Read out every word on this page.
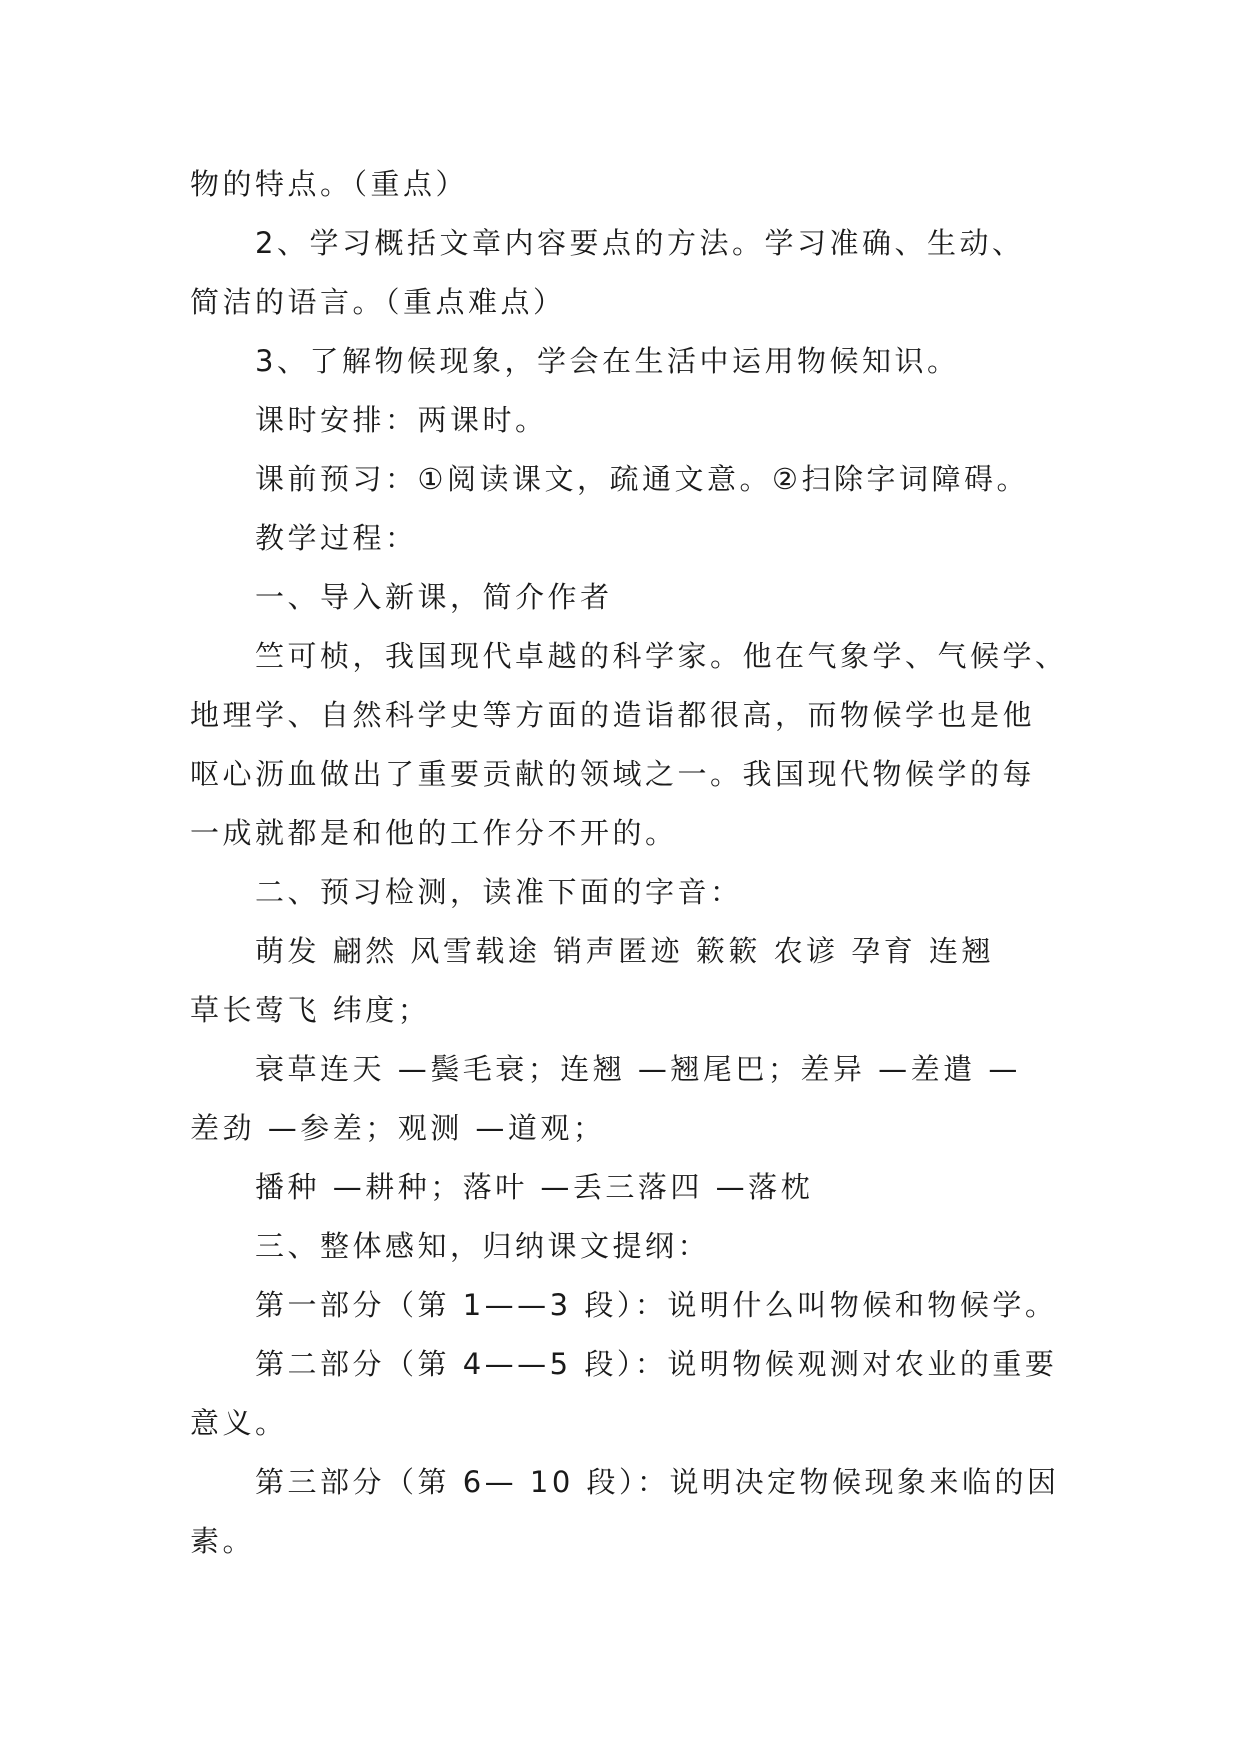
物的特点。（重点）
2、学习概括文章内容要点的方法。学习准确、生动、
简洁的语言。（重点难点）
3、了解物候现象，学会在生活中运用物候知识。
课时安排：两课时。
课前预习：①阅读课文，疏通文意。②扫除字词障碍。
教学过程：
一、导入新课，简介作者
竺可桢，我国现代卓越的科学家。他在气象学、气候学、
地理学、自然科学史等方面的造诣都很高，而物候学也是他
呕心沥血做出了重要贡献的领域之一。我国现代物候学的每
一成就都是和他的工作分不开的。
二、预习检测，读准下面的字音：
萌发 翩然 风雪载途 销声匿迹 簌簌 农谚 孕育 连翘
草长莺飞 纬度；
衰草连天 —鬓毛衰；连翘 —翘尾巴；差异 —差遣 —
差劲 —参差；观测 —道观；
播种 —耕种；落叶 —丢三落四 —落枕
三、整体感知，归纳课文提纲：
第一部分（第 1——3 段）：说明什么叫物候和物候学。
第二部分（第 4——5 段）：说明物候观测对农业的重要
意义。
第三部分（第 6— 10 段）：说明决定物候现象来临的因
素。
